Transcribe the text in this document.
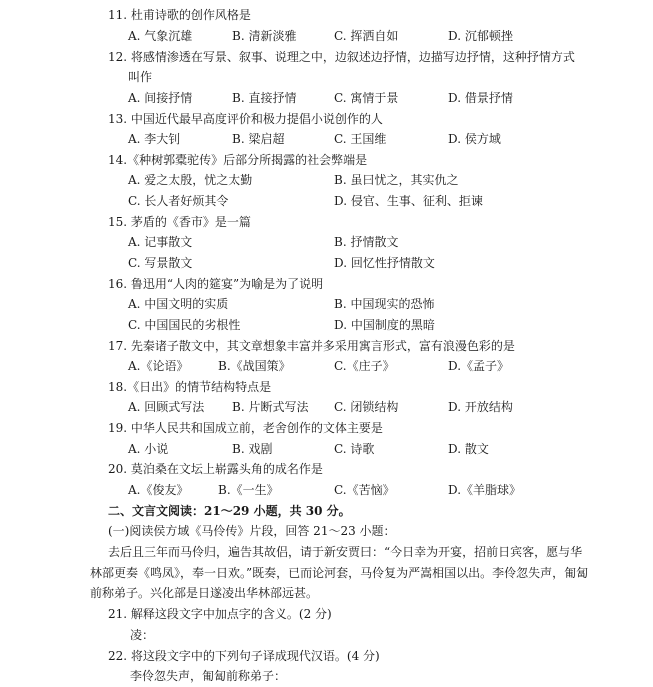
11. 杜甫诗歌的创作风格是
A. 气象沉雄	B. 清新淡雅	C. 挥洒自如	D. 沉郁顿挫
12. 将感情渗透在写景、叙事、说理之中，边叙述边抒情，边描写边抒情，这种抒情方式
叫作
A. 间接抒情	B. 直接抒情	C. 寓情于景	D. 借景抒情
13. 中国近代最早高度评价和极力提倡小说创作的人
A. 李大钊	B. 梁启超	C. 王国维	D. 侯方域
14.《种树郭橐驼传》后部分所揭露的社会弊端是
A. 爱之太殷，忧之太勤	B. 虽曰忧之，其实仇之
C. 长人者好烦其令	D. 侵官、生事、征利、拒谏
15. 茅盾的《香市》是一篇
A. 记事散文	B. 抒情散文
C. 写景散文	D. 回忆性抒情散文
16. 鲁迅用“人肉的筵宴”为喻是为了说明
A. 中国文明的实质	B. 中国现实的恐怖
C. 中国国民的劣根性	D. 中国制度的黑暗
17. 先秦诸子散文中，其文章想象丰富并多采用寓言形式，富有浪漫色彩的是
A.《论语》 B.《战国策》	C.《庄子》	D.《孟子》
18.《日出》的情节结构特点是
A. 回顾式写法 B. 片断式写法 C. 闭锁结构	D. 开放结构
19. 中华人民共和国成立前，老舍创作的文体主要是
A. 小说	B. 戏剧	C. 诗歌	D. 散文
20. 莫泊桑在文坛上崭露头角的成名作是
A.《俊友》 B.《一生》	C.《苦恼》	D.《羊脂球》
二、文言文阅读：21～29 小题，共 30 分。
(一)阅读侯方域《马伶传》片段，回答 21～23 小题：
去后且三年而马伶归，遍告其故侣，请于新安贾曰：“今日幸为开宴，招前日宾客，愿与华
林部更奏《鸣凤》，奉一日欢。”既奏，已而论河套，马伶复为严嵩相国以出。李伶忽失声，匍匐
前称弟子。兴化部是日遂凌出华林部远甚。
21. 解释这段文字中加点字的含义。(2 分)
凌：
22. 将这段文字中的下列句子译成现代汉语。(4 分)
李伶忽失声，匍匐前称弟子：
